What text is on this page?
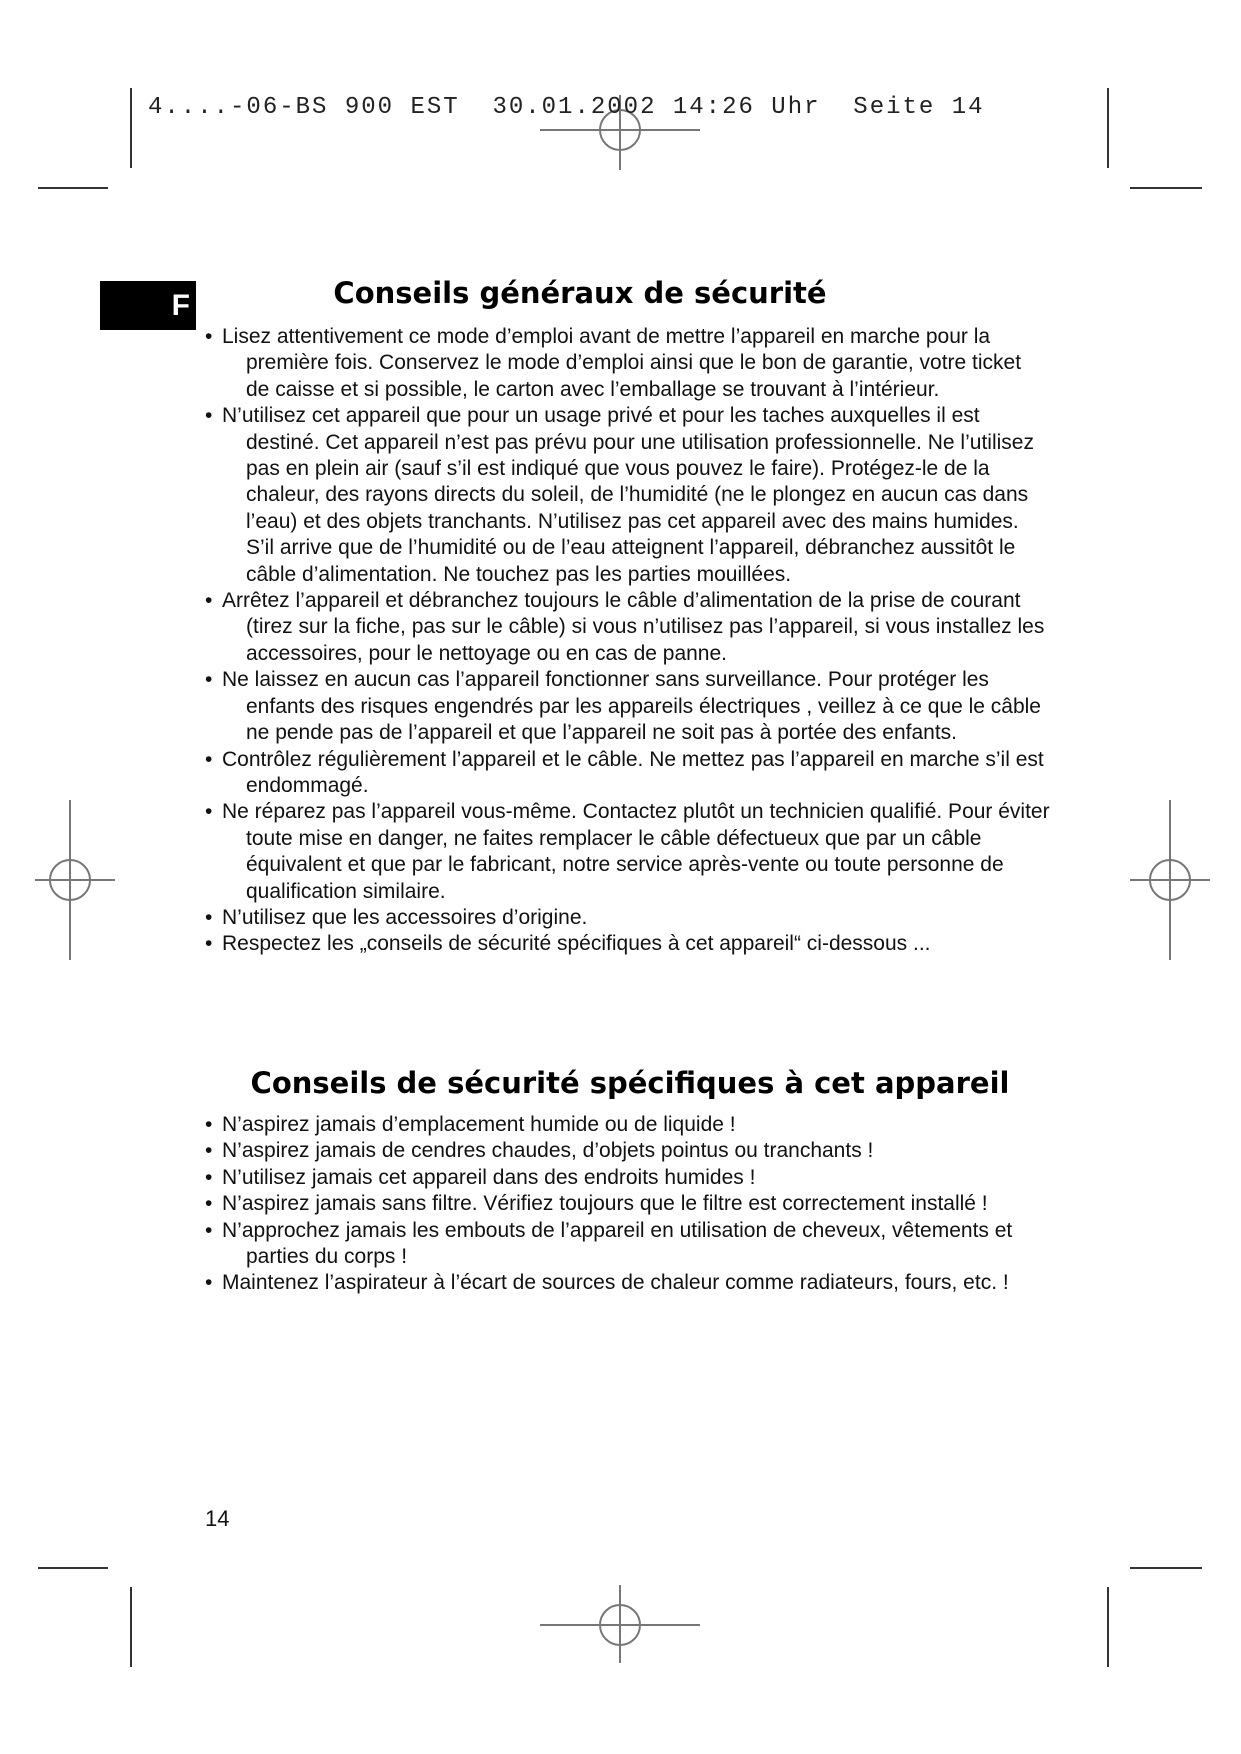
4....-06-BS 900 EST  30.01.2002 14:26 Uhr  Seite 14
F	Conseils généraux de sécurité
• Lisez attentivement ce mode d’emploi avant de mettre l’appareil en marche pour la première fois. Conservez le mode d’emploi ainsi que le bon de garantie, votre ticket de caisse et si possible, le carton avec l’emballage se trouvant à l’intérieur.
• N’utilisez cet appareil que pour un usage privé et pour les taches auxquelles il est destiné. Cet appareil n’est pas prévu pour une utilisation professionnelle. Ne l’utilisez pas en plein air (sauf s’il est indiqué que vous pouvez le faire). Protégez-le de la chaleur, des rayons directs du soleil, de l’humidité (ne le plongez en aucun cas dans l’eau) et des objets tranchants. N’utilisez pas cet appareil avec des mains humides. S’il arrive que de l’humidité ou de l’eau atteignent l’appareil, débranchez aussitôt le câble d’alimentation. Ne touchez pas les parties mouillées.
• Arrêtez l’appareil et débranchez toujours le câble d’alimentation de la prise de courant (tirez sur la fiche, pas sur le câble) si vous n’utilisez pas l’appareil, si vous installez les accessoires, pour le nettoyage ou en cas de panne.
• Ne laissez en aucun cas l’appareil fonctionner sans surveillance. Pour protéger les enfants des risques engendrés par les appareils électriques , veillez à ce que le câble ne pende pas de l’appareil et que l’appareil ne soit pas à portée des enfants.
• Contrôlez régulièrement l’appareil et le câble. Ne mettez pas l’appareil en marche s’il est endommagé.
• Ne réparez pas l’appareil vous-même. Contactez plutôt un technicien qualifié. Pour éviter toute mise en danger, ne faites remplacer le câble défectueux que par un câble équivalent et que par le fabricant, notre service après-vente ou toute personne de qualification similaire.
• N’utilisez que les accessoires d’origine.
• Respectez les „conseils de sécurité spécifiques à cet appareil“ ci-dessous ...
Conseils de sécurité spécifiques à cet appareil
• N’aspirez jamais d’emplacement humide ou de liquide !
• N’aspirez jamais de cendres chaudes, d’objets pointus ou tranchants !
• N’utilisez jamais cet appareil dans des endroits humides !
• N’aspirez jamais sans filtre. Vérifiez toujours que le filtre est correctement installé !
• N’approchez jamais les embouts de l’appareil en utilisation de cheveux, vêtements et parties du corps !
• Maintenez l’aspirateur à l’écart de sources de chaleur comme radiateurs, fours, etc. !
14
